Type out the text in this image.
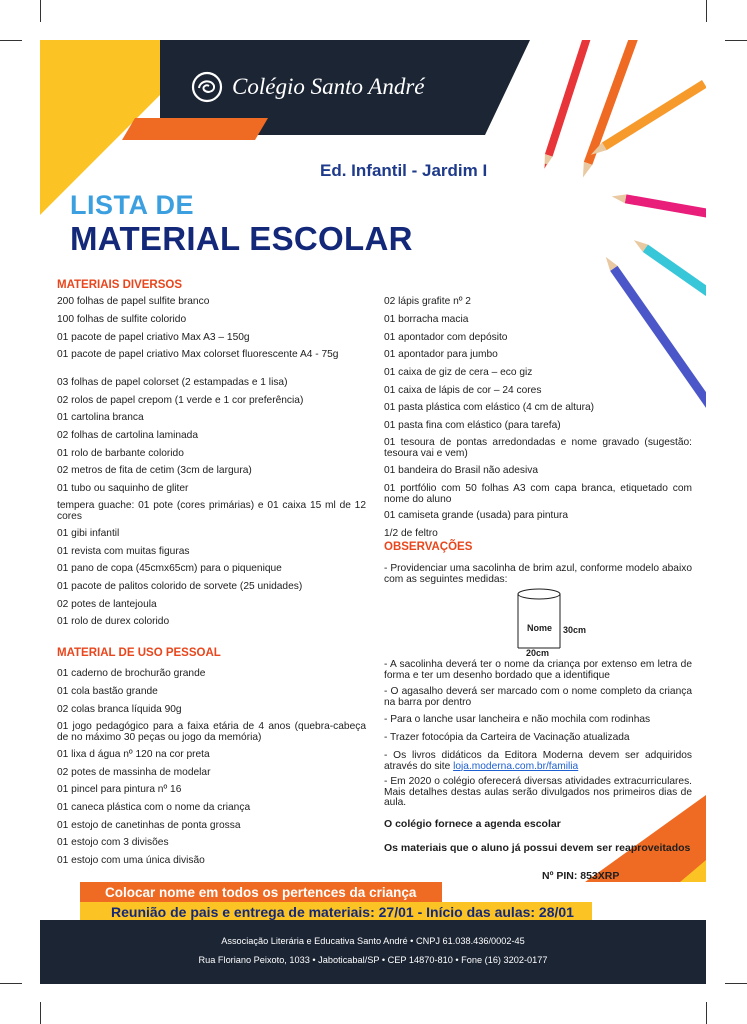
Colégio Santo André
Ed. Infantil - Jardim I
LISTA DE
MATERIAL ESCOLAR
MATERIAIS DIVERSOS
200 folhas de papel sulfite branco
100 folhas de sulfite colorido
01 pacote de papel criativo Max A3 – 150g
01 pacote de papel criativo Max colorset fluorescente A4 - 75g
03 folhas de papel colorset (2 estampadas e 1 lisa)
02 rolos de papel crepom (1 verde e 1 cor preferência)
01 cartolina branca
02 folhas de cartolina laminada
01 rolo de barbante colorido
02 metros de fita de cetim (3cm de largura)
01 tubo ou saquinho de gliter
tempera guache: 01 pote (cores primárias) e 01 caixa 15 ml de 12 cores
01 gibi infantil
01 revista com muitas figuras
01 pano de copa (45cmx65cm) para o piquenique
01 pacote de palitos colorido de sorvete (25 unidades)
02 potes de lantejoula
01 rolo de durex colorido
MATERIAL DE USO PESSOAL
01 caderno de brochurão grande
01 cola bastão grande
02 colas branca líquida 90g
01 jogo pedagógico para a faixa etária de 4 anos (quebra-cabeça de no máximo 30 peças ou jogo da memória)
01 lixa d água nº 120 na cor preta
02 potes de massinha de modelar
01 pincel para pintura nº 16
01 caneca plástica com o nome da criança
01 estojo de canetinhas de ponta grossa
01 estojo com 3 divisões
01 estojo com uma única divisão
02 lápis grafite nº 2
01 borracha macia
01 apontador com depósito
01 apontador para jumbo
01 caixa de giz de cera – eco giz
01 caixa de lápis de cor – 24 cores
01 pasta plástica com elástico (4 cm de altura)
01 pasta fina com elástico (para tarefa)
01 tesoura de pontas arredondadas e nome gravado (sugestão: tesoura vai e vem)
01 bandeira do Brasil não adesiva
01 portfólio com 50 folhas A3 com capa branca, etiquetado com nome do aluno
01 camiseta grande (usada) para pintura
1/2 de feltro
OBSERVAÇÕES
- Providenciar uma sacolinha de brim azul, conforme modelo abaixo com as seguintes medidas:
Nome 30cm
20cm
- A sacolinha deverá ter o nome da criança por extenso em letra de forma e ter um desenho bordado que a identifique
- O agasalho deverá ser marcado com o nome completo da criança na barra por dentro
- Para o lanche usar lancheira e não mochila com rodinhas
- Trazer fotocópia da Carteira de Vacinação atualizada
- Os livros didáticos da Editora Moderna devem ser adquiridos através do site loja.moderna.com.br/familia
- Em 2020 o colégio oferecerá diversas atividades extracurriculares. Mais detalhes destas aulas serão divulgados nos primeiros dias de aula.
O colégio fornece a agenda escolar
Os materiais que o aluno já possui devem ser reaproveitados
Nº PIN: 853XRP
Colocar nome em todos os pertences da criança
Reunião de pais e entrega de materiais: 27/01 - Início das aulas: 28/01
Associação Literária e Educativa Santo André • CNPJ 61.038.436/0002-45
Rua Floriano Peixoto, 1033 • Jaboticabal/SP • CEP 14870-810 • Fone (16) 3202-0177
